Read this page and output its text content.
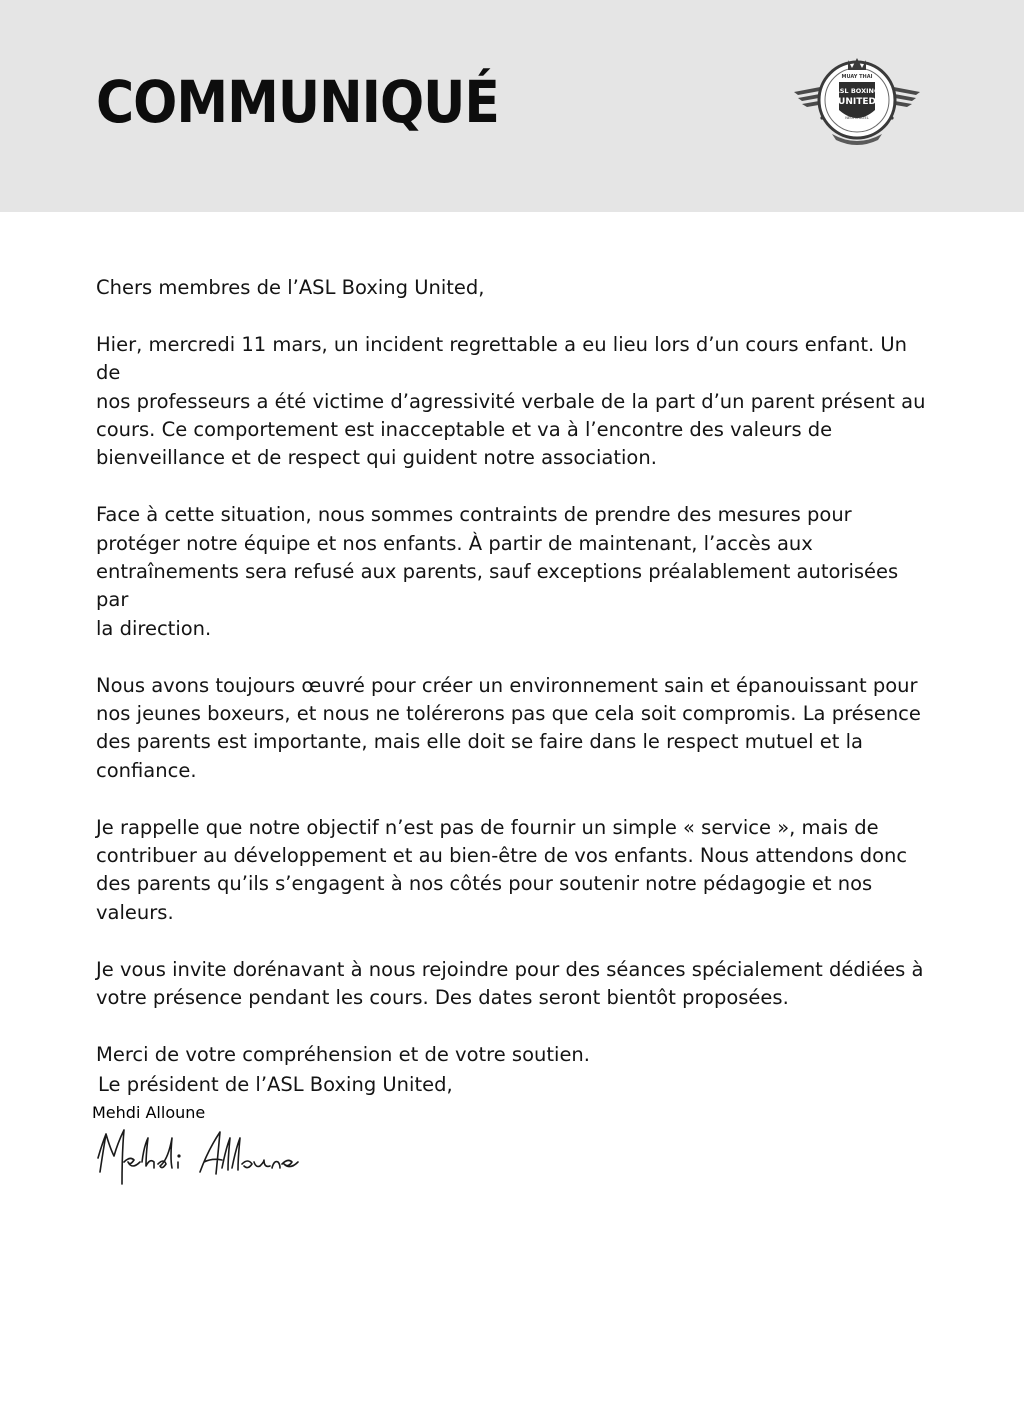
COMMUNIQUÉ	MUAY THAI
ASL BOXING
UNITED
NEUFCHÂTEL

Chers membres de l’ASL Boxing United,

Hier, mercredi 11 mars, un incident regrettable a eu lieu lors d’un cours enfant. Un de

nos professeurs a été victime d’agressivité verbale de la part d’un parent présent au

cours. Ce comportement est inacceptable et va à l’encontre des valeurs de

bienveillance et de respect qui guident notre association.

Face à cette situation, nous sommes contraints de prendre des mesures pour

protéger notre équipe et nos enfants. À partir de maintenant, l’accès aux

entraînements sera refusé aux parents, sauf exceptions préalablement autorisées par

la direction.

Nous avons toujours œuvré pour créer un environnement sain et épanouissant pour

nos jeunes boxeurs, et nous ne tolérerons pas que cela soit compromis. La présence

des parents est importante, mais elle doit se faire dans le respect mutuel et la

confiance.

Je rappelle que notre objectif n’est pas de fournir un simple « service », mais de

contribuer au développement et au bien-être de vos enfants. Nous attendons donc

des parents qu’ils s’engagent à nos côtés pour soutenir notre pédagogie et nos

valeurs.

Je vous invite dorénavant à nous rejoindre pour des séances spécialement dédiées à

votre présence pendant les cours. Des dates seront bientôt proposées.

Merci de votre compréhension et de votre soutien.

Le président de l’ASL Boxing United,
Mehdi Alloune
